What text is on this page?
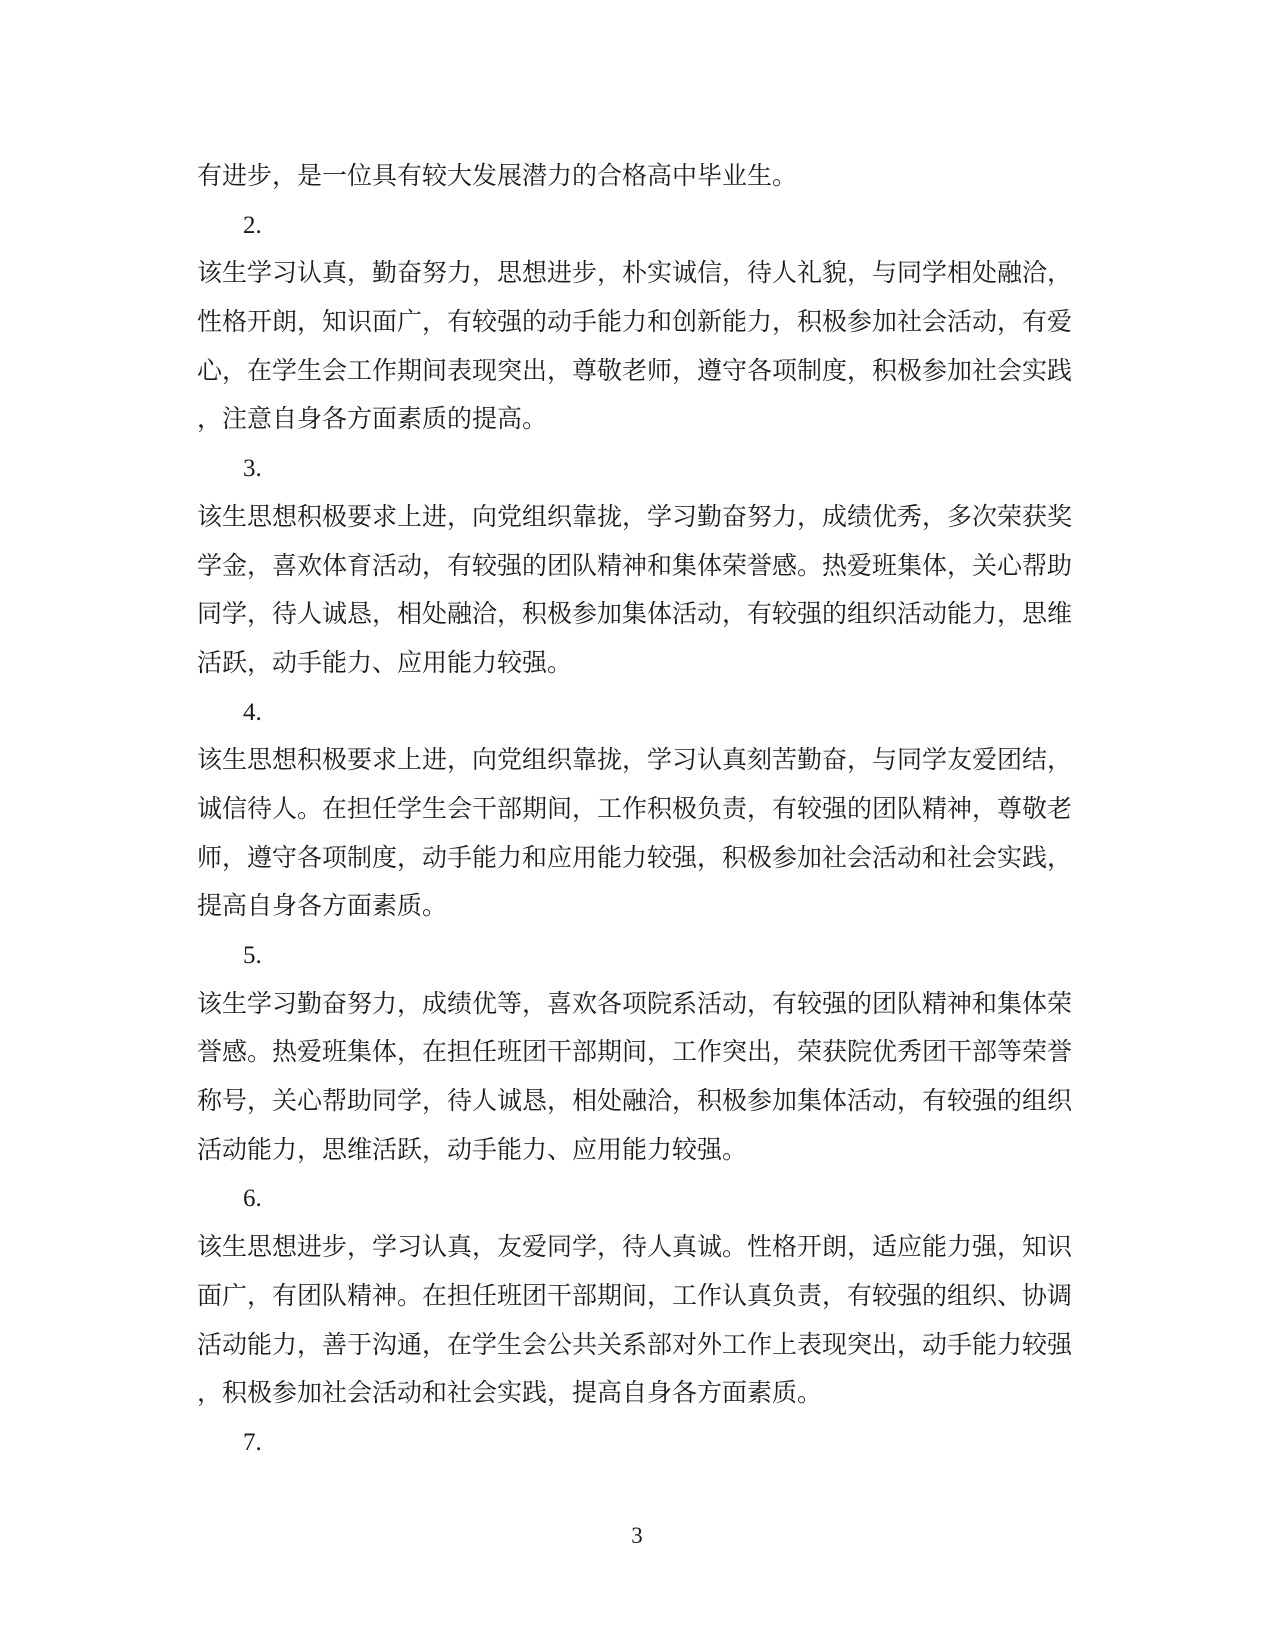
有进步，是一位具有较大发展潜力的合格高中毕业生。
2.
该生学习认真，勤奋努力，思想进步，朴实诚信，待人礼貌，与同学相处融洽，
性格开朗，知识面广，有较强的动手能力和创新能力，积极参加社会活动，有爱
心，在学生会工作期间表现突出，尊敬老师，遵守各项制度，积极参加社会实践
，注意自身各方面素质的提高。
3.
该生思想积极要求上进，向党组织靠拢，学习勤奋努力，成绩优秀，多次荣获奖
学金，喜欢体育活动，有较强的团队精神和集体荣誉感。热爱班集体，关心帮助
同学，待人诚恳，相处融洽，积极参加集体活动，有较强的组织活动能力，思维
活跃，动手能力、应用能力较强。
4.
该生思想积极要求上进，向党组织靠拢，学习认真刻苦勤奋，与同学友爱团结，
诚信待人。在担任学生会干部期间，工作积极负责，有较强的团队精神，尊敬老
师，遵守各项制度，动手能力和应用能力较强，积极参加社会活动和社会实践，
提高自身各方面素质。
5.
该生学习勤奋努力，成绩优等，喜欢各项院系活动，有较强的团队精神和集体荣
誉感。热爱班集体，在担任班团干部期间，工作突出，荣获院优秀团干部等荣誉
称号，关心帮助同学，待人诚恳，相处融洽，积极参加集体活动，有较强的组织
活动能力，思维活跃，动手能力、应用能力较强。
6.
该生思想进步，学习认真，友爱同学，待人真诚。性格开朗，适应能力强，知识
面广，有团队精神。在担任班团干部期间，工作认真负责，有较强的组织、协调
活动能力，善于沟通，在学生会公共关系部对外工作上表现突出，动手能力较强
，积极参加社会活动和社会实践，提高自身各方面素质。
7.
3
